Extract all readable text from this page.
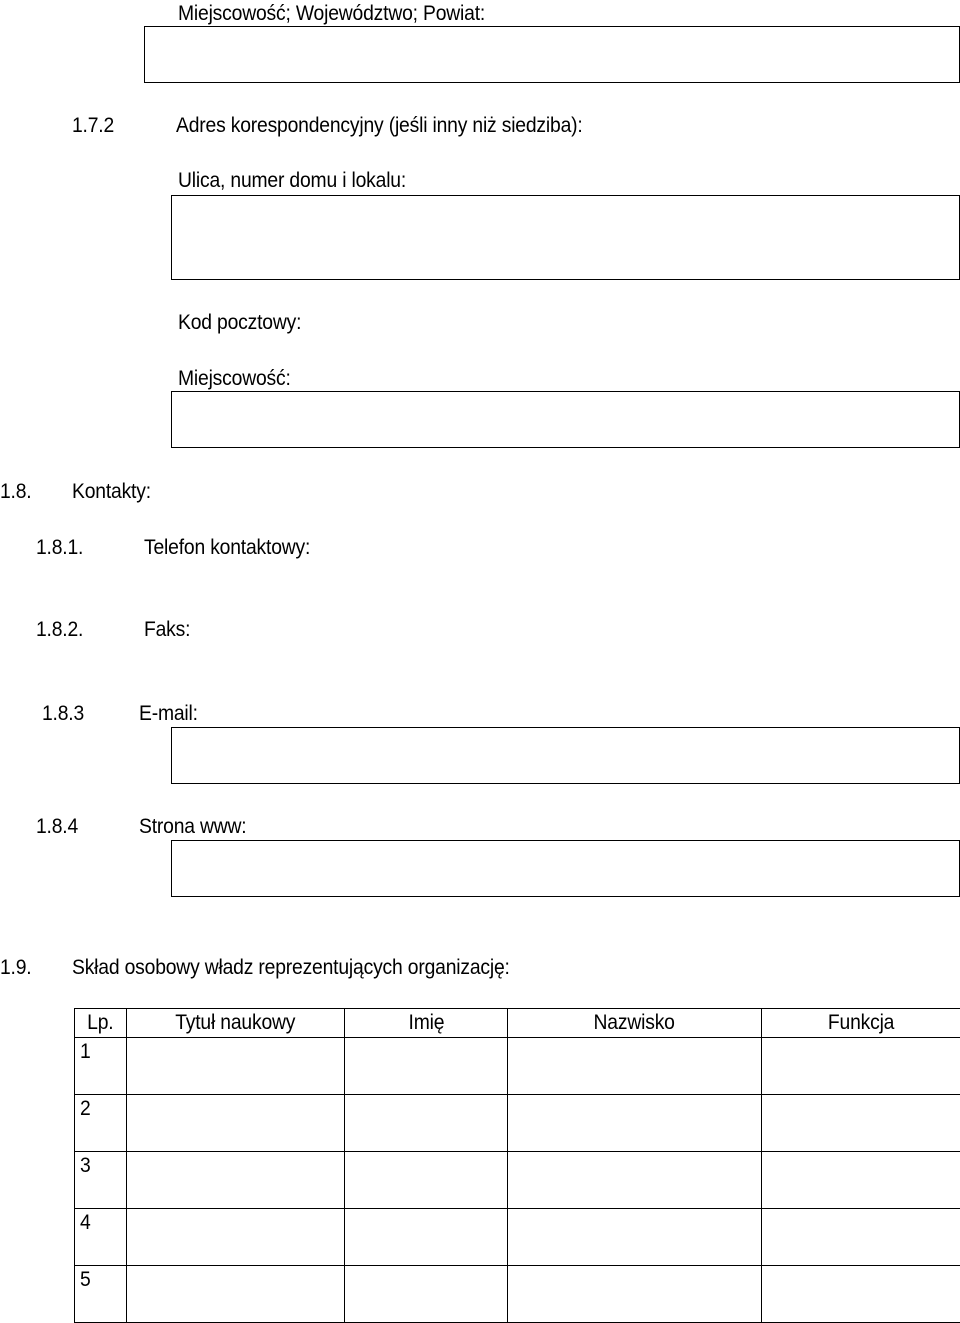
Miejscowość; Województwo; Powiat:
1.7.2	Adres korespondencyjny (jeśli inny niż siedziba):
Ulica, numer domu i lokalu:
Kod pocztowy:
Miejscowość:
1.8. Kontakty:
1.8.1.	Telefon kontaktowy:
1.8.2.	Faks:
1.8.3	E-mail:
1.8.4	Strona www:
1.9. Skład osobowy władz reprezentujących organizację:
Lp.	Tytuł naukowy	Imię	Nazwisko	Funkcja
1				
2				
3				
4				
5				
